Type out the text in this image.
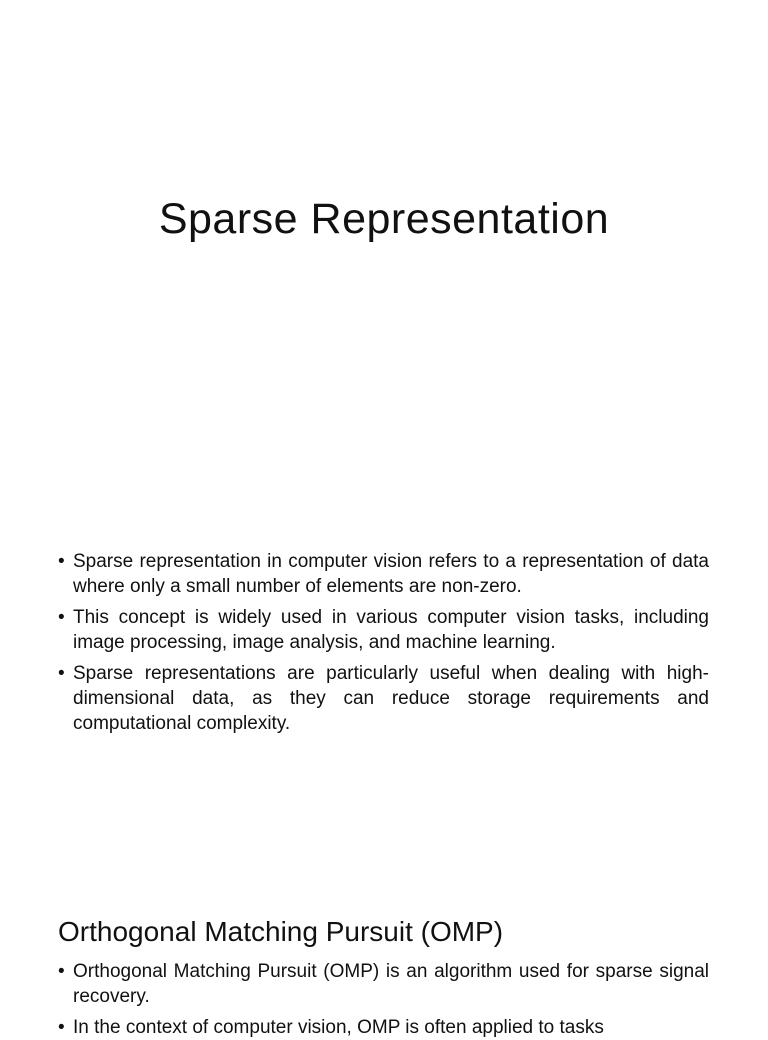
Sparse Representation
• Sparse representation in computer vision refers to a representation of data where only a small number of elements are non-zero.
• This concept is widely used in various computer vision tasks, including image processing, image analysis, and machine learning.
• Sparse representations are particularly useful when dealing with high-dimensional data, as they can reduce storage requirements and computational complexity.
Orthogonal Matching Pursuit (OMP)
• Orthogonal Matching Pursuit (OMP) is an algorithm used for sparse signal recovery.
• In the context of computer vision, OMP is often applied to tasks
